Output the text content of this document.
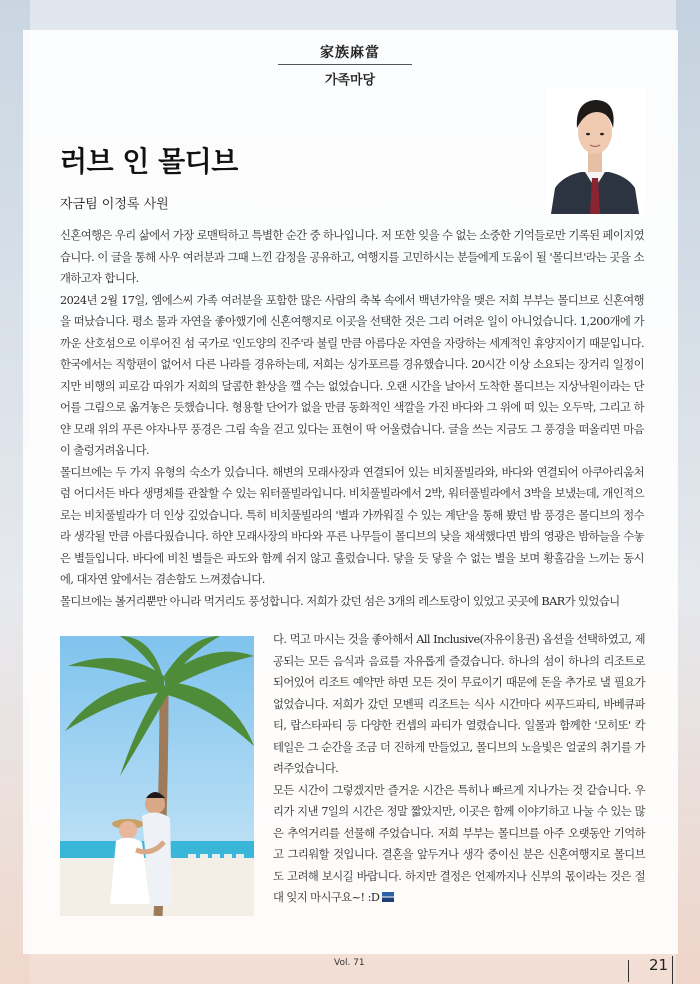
家族麻當
가족마당
러브 인 몰디브
자금팀 이정록 사원

신혼여행은 우리 삶에서 가장 로맨틱하고 특별한 순간 중 하나입니다. 저 또한 잊을 수 없는 소중한 기억들로만 기록된 페이지였습니다. 이 글을 통해 사우 여러분과 그때 느낀 감정을 공유하고, 여행지를 고민하시는 분들에게 도움이 될 '몰디브'라는 곳을 소개하고자 합니다.

2024년 2월 17일, 엠에스씨 가족 여러분을 포함한 많은 사람의 축복 속에서 백년가약을 맺은 저희 부부는 몰디브로 신혼여행을 떠났습니다. 평소 물과 자연을 좋아했기에 신혼여행지로 이곳을 선택한 것은 그리 어려운 일이 아니었습니다. 1,200개에 가까운 산호섬으로 이루어진 섬 국가로 '인도양의 진주'라 불릴 만큼 아름다운 자연을 자랑하는 세계적인 휴양지이기 때문입니다. 한국에서는 직항편이 없어서 다른 나라를 경유하는데, 저희는 싱가포르를 경유했습니다. 20시간 이상 소요되는 장거리 일정이지만 비행의 피로감 따위가 저희의 달콤한 환상을 깰 수는 없었습니다. 오랜 시간을 날아서 도착한 몰디브는 지상낙원이라는 단어를 그림으로 옮겨놓은 듯했습니다. 형용할 단어가 없을 만큼 동화적인 색깔을 가진 바다와 그 위에 떠 있는 오두막, 그리고 하얀 모래 위의 푸른 야자나무 풍경은 그림 속을 걷고 있다는 표현이 딱 어울렸습니다. 글을 쓰는 지금도 그 풍경을 떠올리면 마음이 출렁거려옵니다.

몰디브에는 두 가지 유형의 숙소가 있습니다. 해변의 모래사장과 연결되어 있는 비치풀빌라와, 바다와 연결되어 아쿠아리움처럼 어디서든 바다 생명체를 관찰할 수 있는 워터풀빌라입니다. 비치풀빌라에서 2박, 워터풀빌라에서 3박을 보냈는데, 개인적으로는 비치풀빌라가 더 인상 깊었습니다. 특히 비치풀빌라의 '별과 가까워질 수 있는 계단'을 통해 봤던 밤 풍경은 몰디브의 정수라 생각될 만큼 아름다웠습니다. 하얀 모래사장의 바다와 푸른 나무들이 몰디브의 낮을 채색했다면 밤의 영광은 밤하늘을 수놓은 별들입니다. 바다에 비친 별들은 파도와 함께 쉬지 않고 흘렀습니다. 닿을 듯 닿을 수 없는 별을 보며 황홀감을 느끼는 동시에, 대자연 앞에서는 겸손함도 느껴졌습니다.

몰디브에는 볼거리뿐만 아니라 먹거리도 풍성합니다. 저희가 갔던 섬은 3개의 레스토랑이 있었고 곳곳에 BAR가 있었습니

다. 먹고 마시는 것을 좋아해서 All Inclusive(자유이용권) 옵션을 선택하였고, 제공되는 모든 음식과 음료를 자유롭게 즐겼습니다. 하나의 섬이 하나의 리조트로 되어있어 리조트 예약만 하면 모든 것이 무료이기 때문에 돈을 추가로 낼 필요가 없었습니다. 저희가 갔던 모벤픽 리조트는 식사 시간마다 씨푸드파티, 바베큐파티, 랍스타파티 등 다양한 컨셉의 파티가 열렸습니다. 일몰과 함께한 '모히또' 칵테일은 그 순간을 조금 더 진하게 만들었고, 몰디브의 노을빛은 얼굴의 취기를 가려주었습니다.

모든 시간이 그렇겠지만 즐거운 시간은 특히나 빠르게 지나가는 것 같습니다. 우리가 지낸 7일의 시간은 정말 짧았지만, 이곳은 함께 이야기하고 나눌 수 있는 많은 추억거리를 선물해 주었습니다. 저희 부부는 몰디브를 아주 오랫동안 기억하고 그리워할 것입니다. 결혼을 앞두거나 생각 중이신 분은 신혼여행지로 몰디브도 고려해 보시길 바랍니다. 하지만 결정은 언제까지나 신부의 몫이라는 것은 절대 잊지 마시구요~! :D

Vol. 71	21
